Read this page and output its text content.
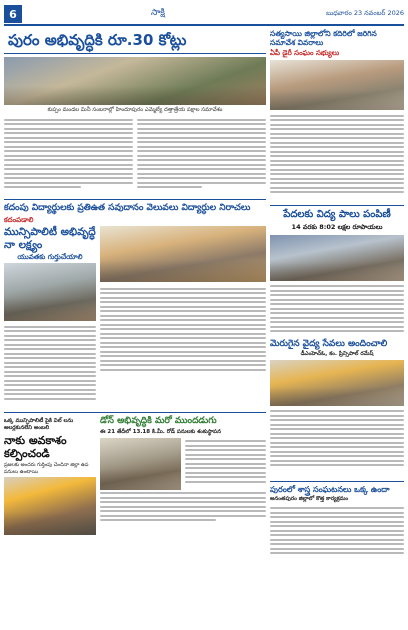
6	సాక్షి	బుధవారం 23 నవంబర్ 2026
పురం అభివృద్ధికి రూ.30 కోట్లు
కుప్పం మండల మినీ సంబరాల్లో హిందూపురం ఎమ్మెల్యే దత్తాత్రేయ పక్షాల సమావేశం
కదంపు విద్యార్థులకు ప్రతిఉత సవుదానం వెలువలు విద్యార్ధుల నిరాచలు
కదంపడాలి
మున్సిపాలిటీ అభివృద్ధే నా లక్ష్యం
యువతకు గుర్తుచేయాలి
ఒక్క మున్సిపాలిటీ పైకి విల్ లను అలర్లకునలేని అంబలి
నాకు అవకాశం కల్పించండి
ప్రజలకు అందరు గుర్తింపు చెందినా జిల్లా ఉప పనులు ఉంటాయి
డోన్ అభివృద్ధికి మరో ముందడుగు
ఈ 21 తేదీలో 13.18 కి.మీ. రోడ్ పనులకు శంకుస్థాపన
సత్యసాయి జిల్లాలోని కదిరిలో జరిగిన సమావేశ వివరాలు
ఏపీ డైరీ సంఘం సభ్యులు
పేదలకు విద్య పాలు పంపిణీ
14 వరకు 8:02 లక్షల రూపాయలు
మెరుగైన వైద్య సేవలు అందించాలి
డీఎంహెచ్‌ఓ, కం. ప్రిన్సిపాల్ రమేష్
పురంలో శాస్త్ర సంఘటనలు ఒక్క ఉందా
అనంతపురం జిల్లాలో కొత్త కార్యక్రమం
